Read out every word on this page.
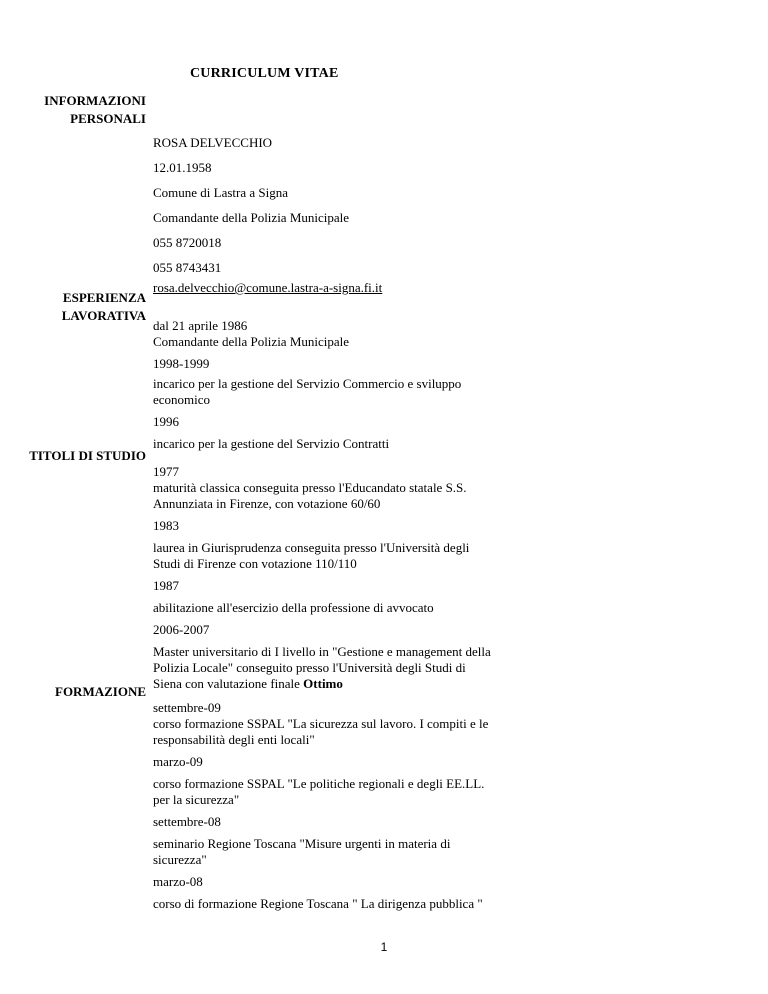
CURRICULUM VITAE
INFORMAZIONI
PERSONALI
ROSA DELVECCHIO
12.01.1958
Comune di Lastra a Signa
Comandante della Polizia Municipale
055 8720018
055 8743431
rosa.delvecchio@comune.lastra-a-signa.fi.it
ESPERIENZA
LAVORATIVA
dal 21 aprile 1986
Comandante della Polizia Municipale
1998-1999
incarico per la gestione del Servizio Commercio e sviluppo
economico
1996
incarico per la gestione del Servizio Contratti
TITOLI DI STUDIO
1977
maturità classica conseguita presso l'Educandato statale S.S.
Annunziata in Firenze, con votazione 60/60
1983
laurea in Giurisprudenza conseguita presso l'Università degli
Studi di Firenze con votazione 110/110
1987
abilitazione all'esercizio della professione di avvocato
2006-2007
Master universitario di I livello in "Gestione e management della
Polizia Locale" conseguito presso l'Università degli Studi di
Siena con valutazione finale Ottimo
FORMAZIONE
settembre-09
corso formazione SSPAL "La sicurezza sul lavoro. I compiti e le
responsabilità degli enti locali"
marzo-09
corso formazione SSPAL "Le politiche regionali e degli EE.LL.
per la sicurezza"
settembre-08
seminario Regione Toscana "Misure urgenti in materia di
sicurezza"
marzo-08
corso di formazione Regione Toscana " La dirigenza pubblica "
1
